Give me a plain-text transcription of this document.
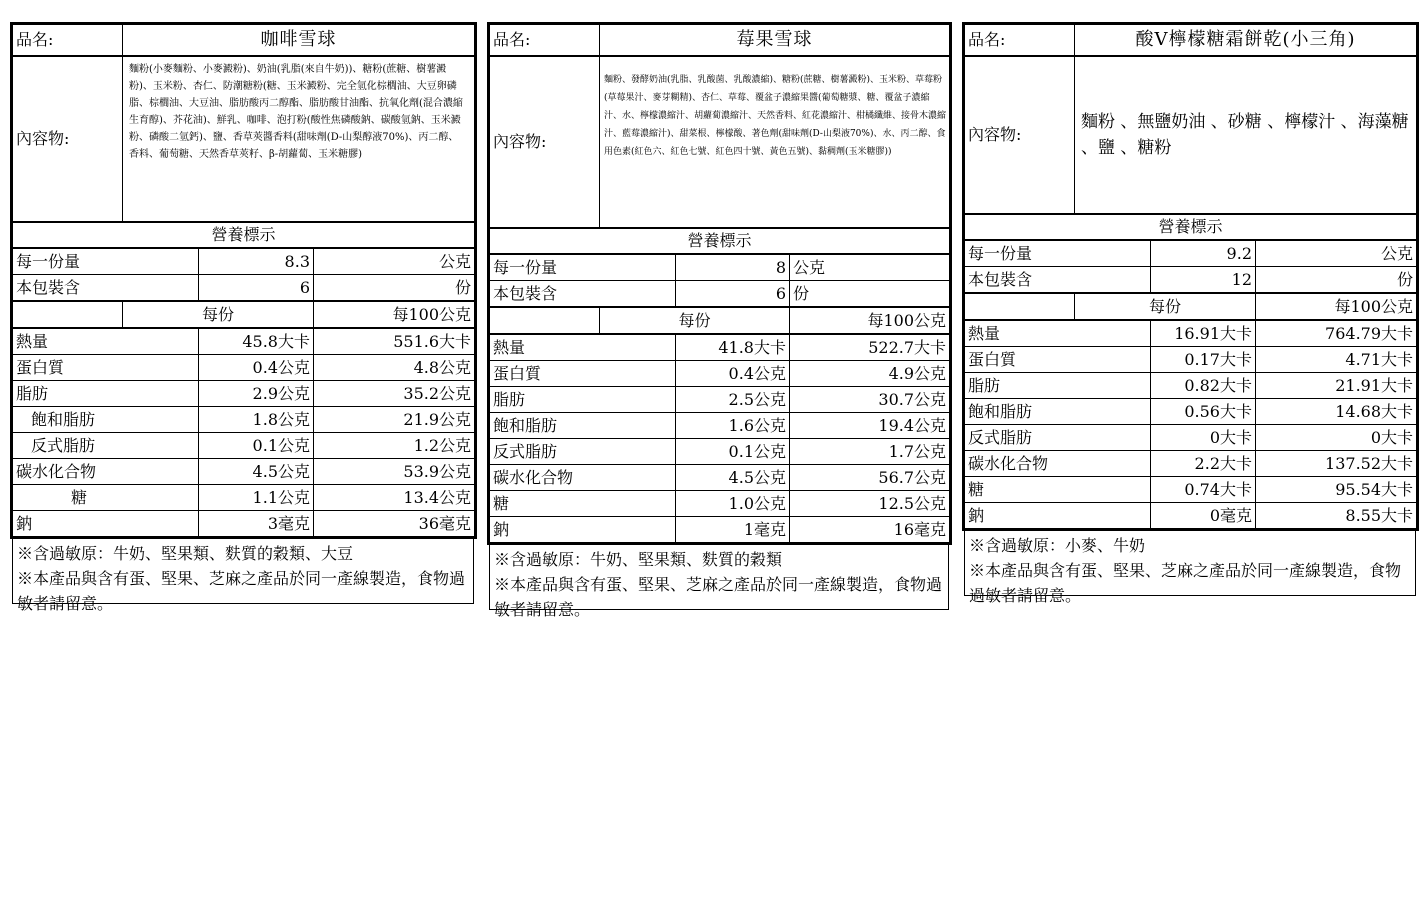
品名:	咖啡雪球		
內容物:	麵粉(小麥麵粉、小麥澱粉)、奶油(乳脂(來自牛奶))、糖粉(蔗糖、樹薯澱粉)、玉米粉、杏仁、防潮糖粉(糖、玉米澱粉、完全氫化棕櫚油、大豆卵磷脂、棕櫚油、大豆油、脂肪酸丙二醇酯、脂肪酸甘油酯、抗氧化劑(混合濃縮生育醇)、芥花油)、鮮乳、咖啡、泡打粉(酸性焦磷酸鈉、碳酸氫鈉、玉米澱粉、磷酸二氫鈣)、鹽、香草莢醬香料(甜味劑(D-山梨醇液70%)、丙二醇、香料、葡萄糖、天然香草莢籽、β-胡蘿蔔、玉米糖膠)		
營養標示			
每一份量		8.3	公克
本包裝含		6	份
	每份		每100公克
熱量		45.8大卡	551.6大卡
蛋白質		0.4公克	4.8公克
脂肪		2.9公克	35.2公克
飽和脂肪		1.8公克	21.9公克
反式脂肪		0.1公克	1.2公克
碳水化合物		4.5公克	53.9公克
糖		1.1公克	13.4公克
鈉		3毫克	36毫克
※含過敏原：牛奶、堅果類、麩質的穀類、大豆
※本產品與含有蛋、堅果、芝麻之產品於同一產線製造，食物過敏者請留意。
品名:	莓果雪球		
內容物:	麵粉、發酵奶油(乳脂、乳酸菌、乳酸濃縮)、糖粉(蔗糖、樹薯澱粉)、玉米粉、草莓粉(草莓果汁、麥芽糊精)、杏仁、草莓、覆盆子濃縮果醬(葡萄糖漿、糖、覆盆子濃縮汁、水、檸檬濃縮汁、胡蘿蔔濃縮汁、天然香料、紅花濃縮汁、柑橘纖維、接骨木濃縮汁、藍莓濃縮汁)、甜菜根、檸檬酸、著色劑(甜味劑(D-山梨液70%)、水、丙二醇、食用色素(紅色六、紅色七號、紅色四十號、黃色五號)、黏稠劑(玉米糖膠))		
營養標示			
每一份量		8	公克
本包裝含		6	份
	每份		每100公克
熱量		41.8大卡	522.7大卡
蛋白質		0.4公克	4.9公克
脂肪		2.5公克	30.7公克
飽和脂肪		1.6公克	19.4公克
反式脂肪		0.1公克	1.7公克
碳水化合物		4.5公克	56.7公克
糖		1.0公克	12.5公克
鈉		1毫克	16毫克
※含過敏原：牛奶、堅果類、麩質的穀類
※本產品與含有蛋、堅果、芝麻之產品於同一產線製造，食物過敏者請留意。
品名:	酸V檸檬糖霜餅乾(小三角)		
內容物:	麵粉 、無鹽奶油 、砂糖 、檸檬汁 、海藻糖 、鹽 、糖粉		
營養標示			
每一份量		9.2	公克
本包裝含		12	份
	每份		每100公克
熱量		16.91大卡	764.79大卡
蛋白質		0.17大卡	4.71大卡
脂肪		0.82大卡	21.91大卡
飽和脂肪		0.56大卡	14.68大卡
反式脂肪		0大卡	0大卡
碳水化合物		2.2大卡	137.52大卡
糖		0.74大卡	95.54大卡
鈉		0毫克	8.55大卡
※含過敏原：小麥、牛奶
※本產品與含有蛋、堅果、芝麻之產品於同一產線製造，食物過敏者請留意。
